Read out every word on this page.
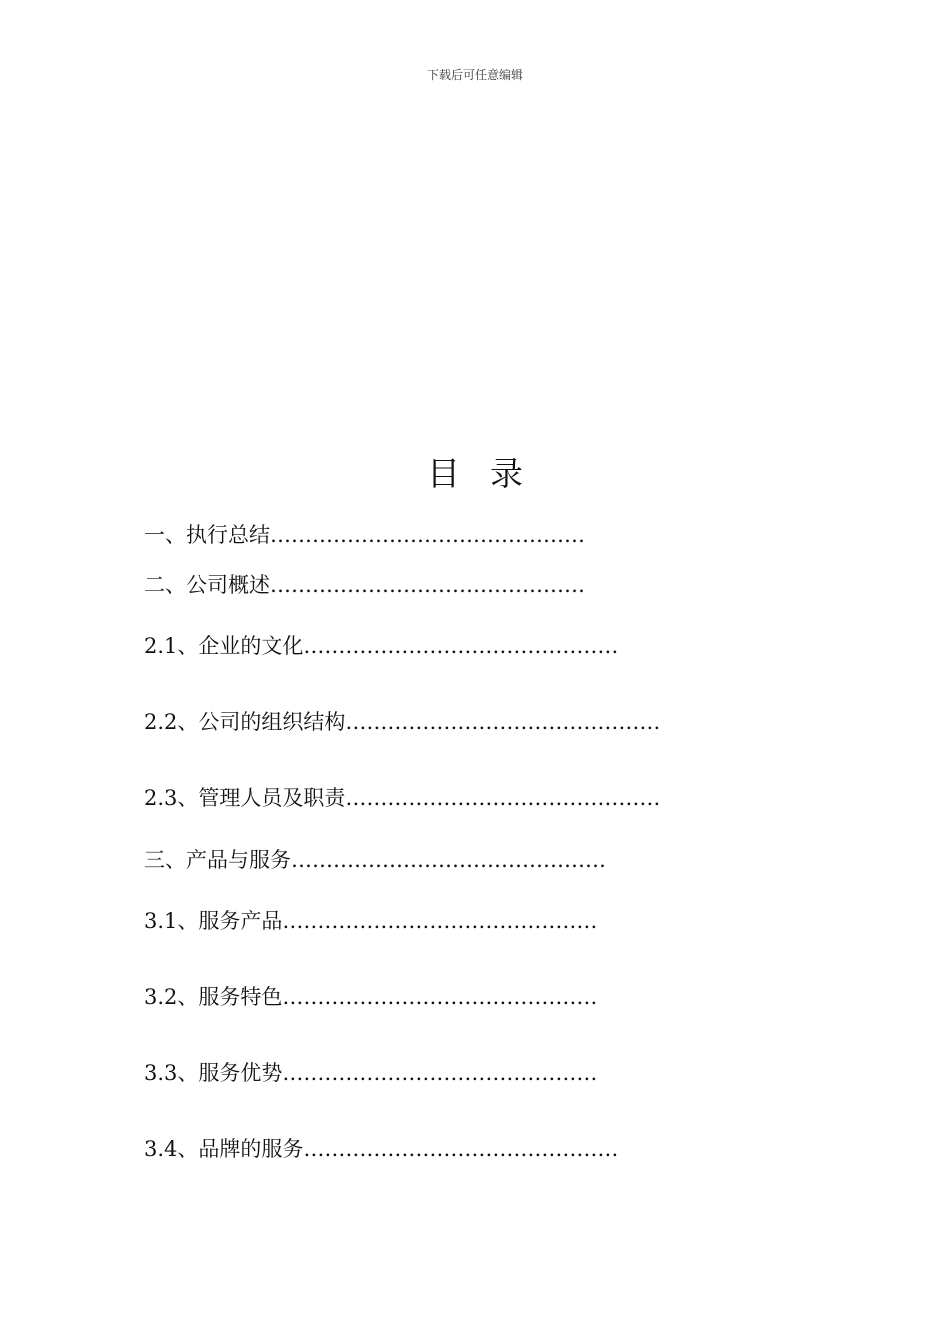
下载后可任意编辑
目录
一、执行总结………………………………………
二、公司概述………………………………………
2.1、企业的文化………………………………………
2.2、公司的组织结构………………………………………
2.3、管理人员及职责………………………………………
三、产品与服务………………………………………
3.1、服务产品………………………………………
3.2、服务特色………………………………………
3.3、服务优势………………………………………
3.4、品牌的服务………………………………………
